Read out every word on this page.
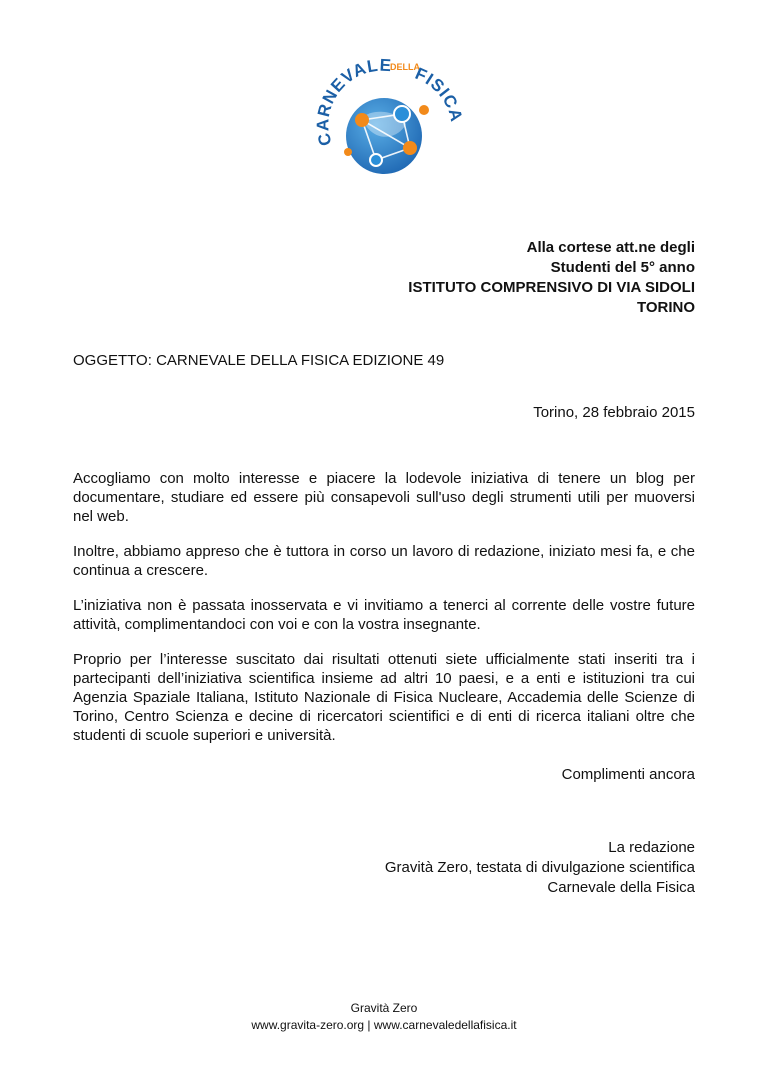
CARNEVALE
DELLA
FISICA
Alla cortese att.ne degli
Studenti del 5° anno
ISTITUTO COMPRENSIVO DI VIA SIDOLI
TORINO
OGGETTO: CARNEVALE DELLA FISICA EDIZIONE 49
Torino, 28 febbraio 2015

Accogliamo con molto interesse e piacere la lodevole iniziativa di tenere un blog per documentare, studiare ed essere più consapevoli sull'uso degli strumenti utili per muoversi nel web.

Inoltre, abbiamo appreso che è tuttora in corso un lavoro di redazione, iniziato mesi fa, e che continua a crescere.

L’iniziativa non è passata inosservata e vi invitiamo a tenerci al corrente delle vostre future attività, complimentandoci con voi e con la vostra insegnante.

Proprio per l’interesse suscitato dai risultati ottenuti siete ufficialmente stati inseriti tra i partecipanti dell’iniziativa scientifica insieme ad altri 10 paesi, e a enti e istituzioni tra cui Agenzia Spaziale Italiana, Istituto Nazionale di Fisica Nucleare, Accademia delle Scienze di Torino, Centro Scienza e decine di ricercatori scientifici e di enti di ricerca italiani oltre che studenti di scuole superiori e università.

Complimenti ancora
La redazione
Gravità Zero, testata di divulgazione scientifica
Carnevale della Fisica
Gravità Zero
www.gravita-zero.org | www.carnevaledellafisica.it
